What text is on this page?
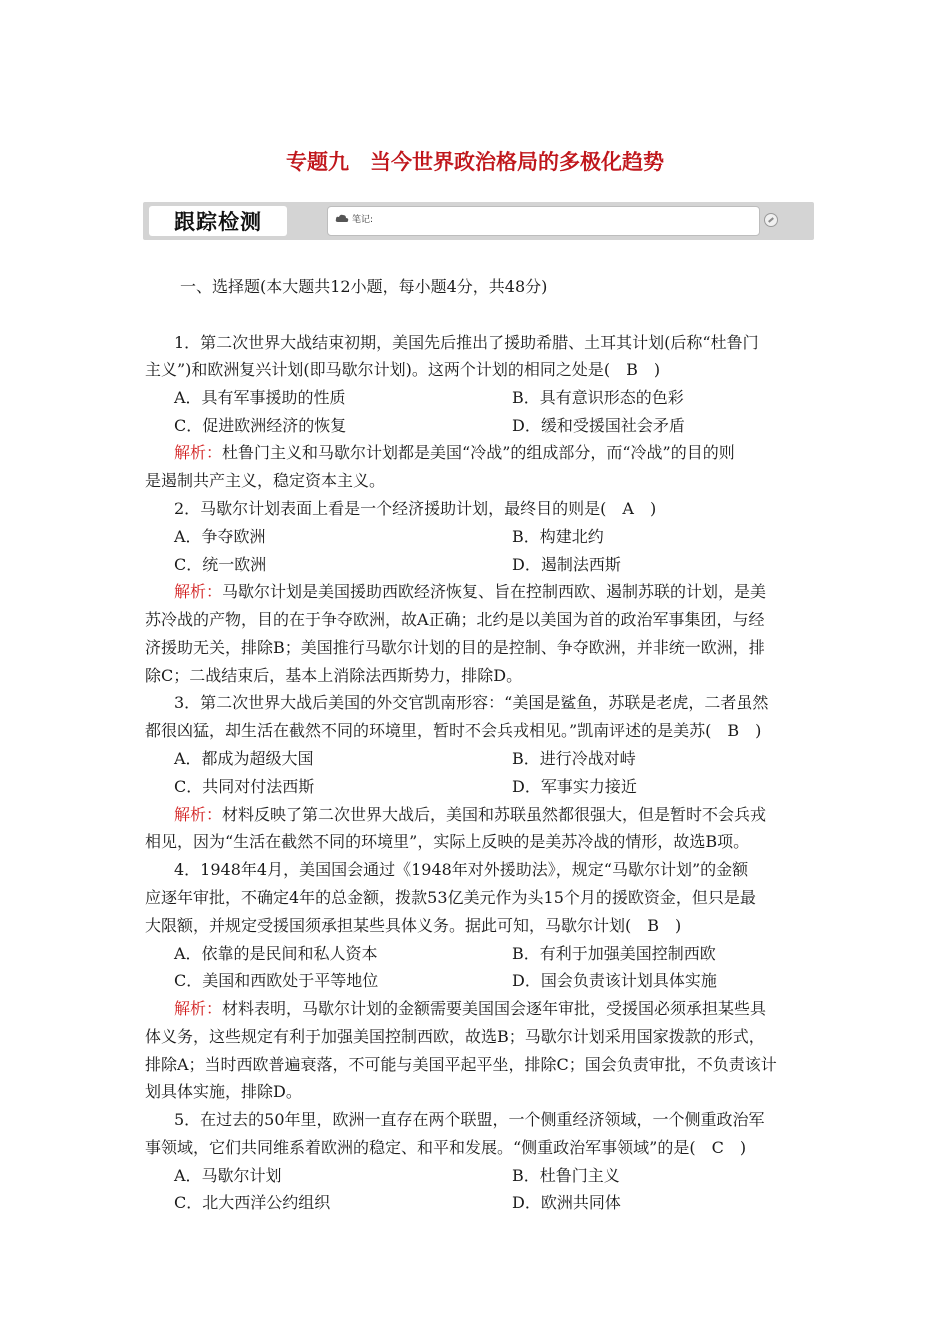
专题九　当今世界政治格局的多极化趋势
跟踪检测	笔记:
一、选择题(本大题共12小题，每小题4分，共48分)
1．第二次世界大战结束初期，美国先后推出了援助希腊、土耳其计划(后称“杜鲁门
主义”)和欧洲复兴计划(即马歇尔计划)。这两个计划的相同之处是(　B　)
A．具有军事援助的性质	B．具有意识形态的色彩
C．促进欧洲经济的恢复	D．缓和受援国社会矛盾
解析：杜鲁门主义和马歇尔计划都是美国“冷战”的组成部分，而“冷战”的目的则
是遏制共产主义，稳定资本主义。
2．马歇尔计划表面上看是一个经济援助计划，最终目的则是(　A　)
A．争夺欧洲	B．构建北约
C．统一欧洲	D．遏制法西斯
解析：马歇尔计划是美国援助西欧经济恢复、旨在控制西欧、遏制苏联的计划，是美
苏冷战的产物，目的在于争夺欧洲，故A正确；北约是以美国为首的政治军事集团，与经
济援助无关，排除B；美国推行马歇尔计划的目的是控制、争夺欧洲，并非统一欧洲，排
除C；二战结束后，基本上消除法西斯势力，排除D。
3．第二次世界大战后美国的外交官凯南形容：“美国是鲨鱼，苏联是老虎，二者虽然
都很凶猛，却生活在截然不同的环境里，暂时不会兵戎相见。”凯南评述的是美苏(　B　)
A．都成为超级大国	B．进行冷战对峙
C．共同对付法西斯	D．军事实力接近
解析：材料反映了第二次世界大战后，美国和苏联虽然都很强大，但是暂时不会兵戎
相见，因为“生活在截然不同的环境里”，实际上反映的是美苏冷战的情形，故选B项。
4．1948年4月，美国国会通过《1948年对外援助法》，规定“马歇尔计划”的金额
应逐年审批，不确定4年的总金额，拨款53亿美元作为头15个月的援欧资金，但只是最
大限额，并规定受援国须承担某些具体义务。据此可知，马歇尔计划(　B　)
A．依靠的是民间和私人资本	B．有利于加强美国控制西欧
C．美国和西欧处于平等地位	D．国会负责该计划具体实施
解析：材料表明，马歇尔计划的金额需要美国国会逐年审批，受援国必须承担某些具
体义务，这些规定有利于加强美国控制西欧，故选B；马歇尔计划采用国家拨款的形式，
排除A；当时西欧普遍衰落，不可能与美国平起平坐，排除C；国会负责审批，不负责该计
划具体实施，排除D。
5．在过去的50年里，欧洲一直存在两个联盟，一个侧重经济领域，一个侧重政治军
事领域，它们共同维系着欧洲的稳定、和平和发展。“侧重政治军事领域”的是(　C　)
A．马歇尔计划	B．杜鲁门主义
C．北大西洋公约组织	D．欧洲共同体
